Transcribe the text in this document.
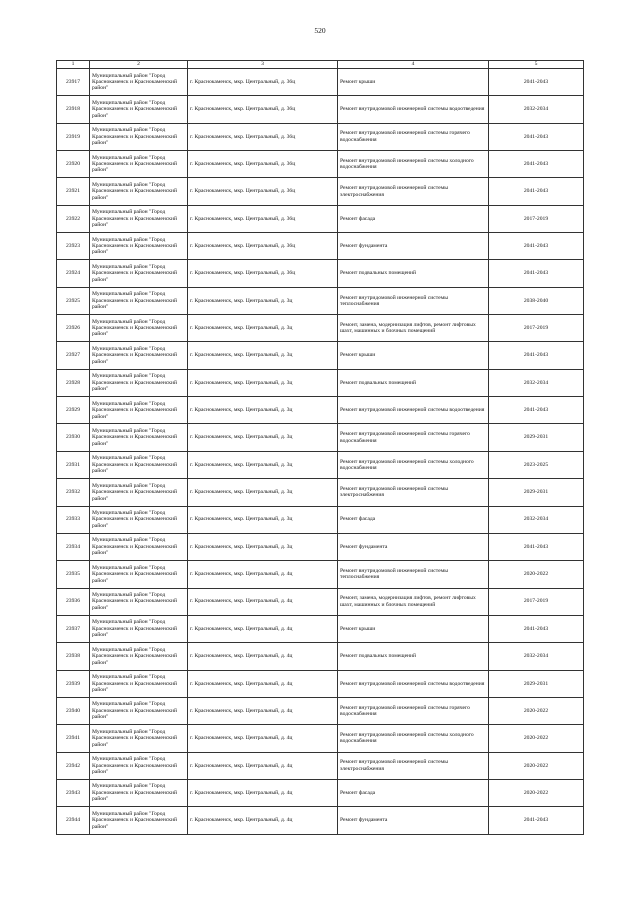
520
1	2	3	4	5
23917	Муниципальный район "Город Краснокаменск и Краснокаменский район"	г. Краснокаменск, мкр. Центральный, д. 36ц	Ремонт крыши	2041-2043
23918	Муниципальный район "Город Краснокаменск и Краснокаменский район"	г. Краснокаменск, мкр. Центральный, д. 36ц	Ремонт внутридомовой инженерной системы водоотведения	2032-2034
23919	Муниципальный район "Город Краснокаменск и Краснокаменский район"	г. Краснокаменск, мкр. Центральный, д. 36ц	Ремонт внутридомовой инженерной системы горячего водоснабжения	2041-2043
23920	Муниципальный район "Город Краснокаменск и Краснокаменский район"	г. Краснокаменск, мкр. Центральный, д. 36ц	Ремонт внутридомовой инженерной системы холодного водоснабжения	2041-2043
23921	Муниципальный район "Город Краснокаменск и Краснокаменский район"	г. Краснокаменск, мкр. Центральный, д. 36ц	Ремонт внутридомовой инженерной системы электроснабжения	2041-2043
23922	Муниципальный район "Город Краснокаменск и Краснокаменский район"	г. Краснокаменск, мкр. Центральный, д. 36ц	Ремонт фасада	2017-2019
23923	Муниципальный район "Город Краснокаменск и Краснокаменский район"	г. Краснокаменск, мкр. Центральный, д. 36ц	Ремонт фундамента	2041-2043
23924	Муниципальный район "Город Краснокаменск и Краснокаменский район"	г. Краснокаменск, мкр. Центральный, д. 36ц	Ремонт подвальных помещений	2041-2043
23925	Муниципальный район "Город Краснокаменск и Краснокаменский район"	г. Краснокаменск, мкр. Центральный, д. 3ц	Ремонт внутридомовой инженерной системы теплоснабжения	2038-2040
23926	Муниципальный район "Город Краснокаменск и Краснокаменский район"	г. Краснокаменск, мкр. Центральный, д. 3ц	Ремонт, замена, модернизация лифтов, ремонт лифтовых шахт, машинных и блочных помещений	2017-2019
23927	Муниципальный район "Город Краснокаменск и Краснокаменский район"	г. Краснокаменск, мкр. Центральный, д. 3ц	Ремонт крыши	2041-2043
23928	Муниципальный район "Город Краснокаменск и Краснокаменский район"	г. Краснокаменск, мкр. Центральный, д. 3ц	Ремонт подвальных помещений	2032-2034
23929	Муниципальный район "Город Краснокаменск и Краснокаменский район"	г. Краснокаменск, мкр. Центральный, д. 3ц	Ремонт внутридомовой инженерной системы водоотведения	2041-2043
23930	Муниципальный район "Город Краснокаменск и Краснокаменский район"	г. Краснокаменск, мкр. Центральный, д. 3ц	Ремонт внутридомовой инженерной системы горячего водоснабжения	2029-2031
23931	Муниципальный район "Город Краснокаменск и Краснокаменский район"	г. Краснокаменск, мкр. Центральный, д. 3ц	Ремонт внутридомовой инженерной системы холодного водоснабжения	2023-2025
23932	Муниципальный район "Город Краснокаменск и Краснокаменский район"	г. Краснокаменск, мкр. Центральный, д. 3ц	Ремонт внутридомовой инженерной системы электроснабжения	2029-2031
23933	Муниципальный район "Город Краснокаменск и Краснокаменский район"	г. Краснокаменск, мкр. Центральный, д. 3ц	Ремонт фасада	2032-2034
23934	Муниципальный район "Город Краснокаменск и Краснокаменский район"	г. Краснокаменск, мкр. Центральный, д. 3ц	Ремонт фундамента	2041-2043
23935	Муниципальный район "Город Краснокаменск и Краснокаменский район"	г. Краснокаменск, мкр. Центральный, д. 4ц	Ремонт внутридомовой инженерной системы теплоснабжения	2020-2022
23936	Муниципальный район "Город Краснокаменск и Краснокаменский район"	г. Краснокаменск, мкр. Центральный, д. 4ц	Ремонт, замена, модернизация лифтов, ремонт лифтовых шахт, машинных и блочных помещений	2017-2019
23937	Муниципальный район "Город Краснокаменск и Краснокаменский район"	г. Краснокаменск, мкр. Центральный, д. 4ц	Ремонт крыши	2041-2043
23938	Муниципальный район "Город Краснокаменск и Краснокаменский район"	г. Краснокаменск, мкр. Центральный, д. 4ц	Ремонт подвальных помещений	2032-2034
23939	Муниципальный район "Город Краснокаменск и Краснокаменский район"	г. Краснокаменск, мкр. Центральный, д. 4ц	Ремонт внутридомовой инженерной системы водоотведения	2029-2031
23940	Муниципальный район "Город Краснокаменск и Краснокаменский район"	г. Краснокаменск, мкр. Центральный, д. 4ц	Ремонт внутридомовой инженерной системы горячего водоснабжения	2020-2022
23941	Муниципальный район "Город Краснокаменск и Краснокаменский район"	г. Краснокаменск, мкр. Центральный, д. 4ц	Ремонт внутридомовой инженерной системы холодного водоснабжения	2020-2022
23942	Муниципальный район "Город Краснокаменск и Краснокаменский район"	г. Краснокаменск, мкр. Центральный, д. 4ц	Ремонт внутридомовой инженерной системы электроснабжения	2020-2022
23943	Муниципальный район "Город Краснокаменск и Краснокаменский район"	г. Краснокаменск, мкр. Центральный, д. 4ц	Ремонт фасада	2020-2022
23944	Муниципальный район "Город Краснокаменск и Краснокаменский район"	г. Краснокаменск, мкр. Центральный, д. 4ц	Ремонт фундамента	2041-2043
